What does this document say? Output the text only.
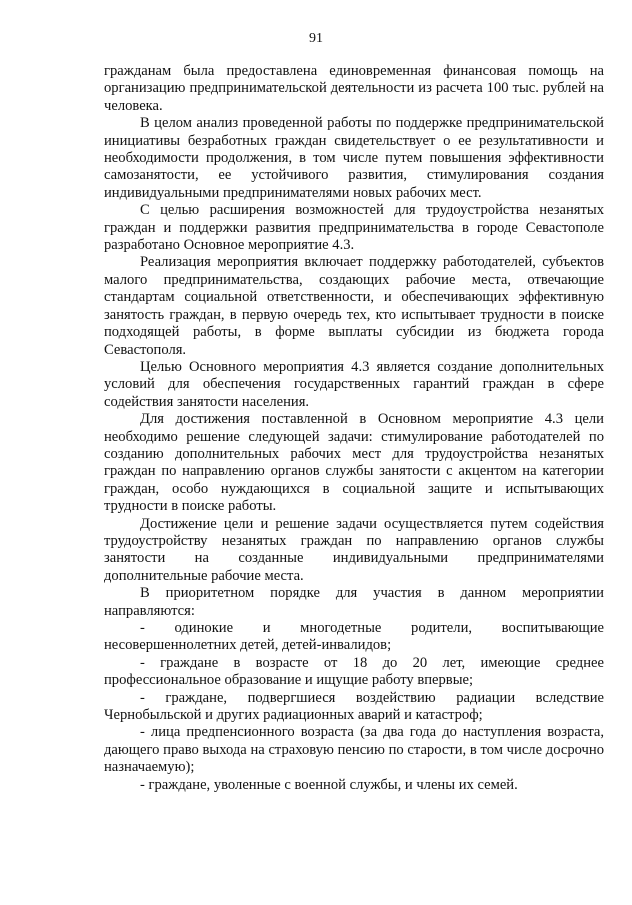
91

гражданам была предоставлена единовременная финансовая помощь на организацию предпринимательской деятельности из расчета 100 тыс. рублей на человека.

В целом анализ проведенной работы по поддержке предпринимательской инициативы безработных граждан свидетельствует о ее результативности и необходимости продолжения, в том числе путем повышения эффективности самозанятости, ее устойчивого развития, стимулирования создания индивидуальными предпринимателями новых рабочих мест.

С целью расширения возможностей для трудоустройства незанятых граждан и поддержки развития предпринимательства в городе Севастополе разработано Основное мероприятие 4.3.

Реализация мероприятия включает поддержку работодателей, субъектов малого предпринимательства, создающих рабочие места, отвечающие стандартам социальной ответственности, и обеспечивающих эффективную занятость граждан, в первую очередь тех, кто испытывает трудности в поиске подходящей работы, в форме выплаты субсидии из бюджета города Севастополя.

Целью Основного мероприятия 4.3 является создание дополнительных условий для обеспечения государственных гарантий граждан в сфере содействия занятости населения.

Для достижения поставленной в Основном мероприятие 4.3 цели необходимо решение следующей задачи: стимулирование работодателей по созданию дополнительных рабочих мест для трудоустройства незанятых граждан по направлению органов службы занятости с акцентом на категории граждан, особо нуждающихся в социальной защите и испытывающих трудности в поиске работы.

Достижение цели и решение задачи осуществляется путем содействия трудоустройству незанятых граждан по направлению органов службы занятости на созданные индивидуальными предпринимателями дополнительные рабочие места.

В приоритетном порядке для участия в данном мероприятии направляются:

- одинокие и многодетные родители, воспитывающие несовершеннолетних детей, детей-инвалидов;

- граждане в возрасте от 18 до 20 лет, имеющие среднее профессиональное образование и ищущие работу впервые;

- граждане, подвергшиеся воздействию радиации вследствие Чернобыльской и других радиационных аварий и катастроф;

- лица предпенсионного возраста (за два года до наступления возраста, дающего право выхода на страховую пенсию по старости, в том числе досрочно назначаемую);

- граждане, уволенные с военной службы, и члены их семей.
